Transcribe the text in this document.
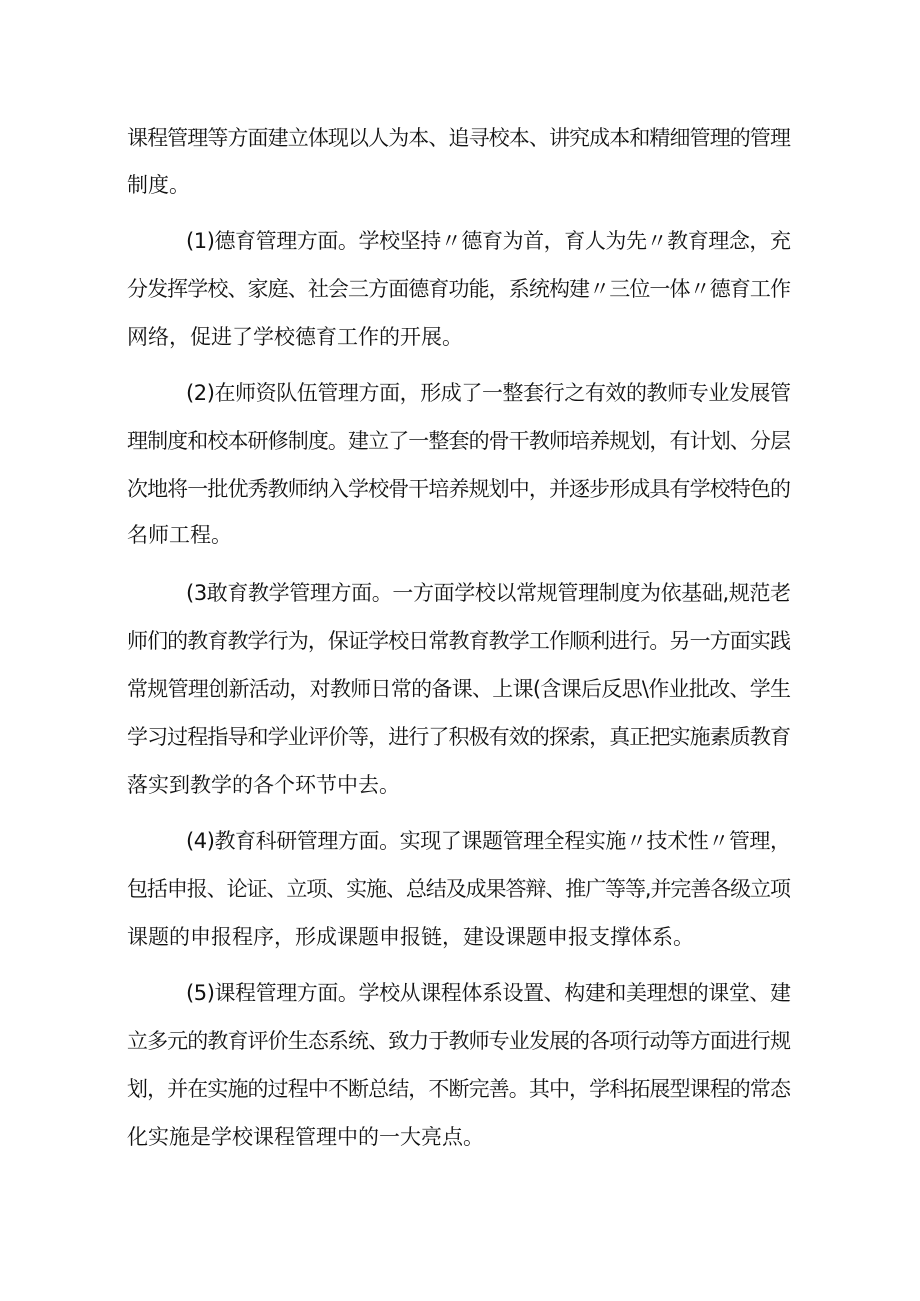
课程管理等方面建立体现以人为本、追寻校本、讲究成本和精细管理的管理

制度。

(1)德育管理方面。学校坚持〃德育为首，育人为先〃教育理念，充

分发挥学校、家庭、社会三方面德育功能，系统构建〃三位一体〃德育工作

网络，促进了学校德育工作的开展。

(2)在师资队伍管理方面，形成了一整套行之有效的教师专业发展管

理制度和校本研修制度。建立了一整套的骨干教师培养规划，有计划、分层

次地将一批优秀教师纳入学校骨干培养规划中，并逐步形成具有学校特色的

名师工程。

(3敢育教学管理方面。一方面学校以常规管理制度为依基础,规范老

师们的教育教学行为，保证学校日常教育教学工作顺利进行。另一方面实践

常规管理创新活动，对教师日常的备课、上课(含课后反思\作业批改、学生

学习过程指导和学业评价等，进行了积极有效的探索，真正把实施素质教育

落实到教学的各个环节中去。

(4)教育科研管理方面。实现了课题管理全程实施〃技术性〃管理，

包括申报、论证、立项、实施、总结及成果答辩、推广等等,并完善各级立项

课题的申报程序，形成课题申报链，建设课题申报支撑体系。

(5)课程管理方面。学校从课程体系设置、构建和美理想的课堂、建

立多元的教育评价生态系统、致力于教师专业发展的各项行动等方面进行规

划，并在实施的过程中不断总结，不断完善。其中，学科拓展型课程的常态

化实施是学校课程管理中的一大亮点。
